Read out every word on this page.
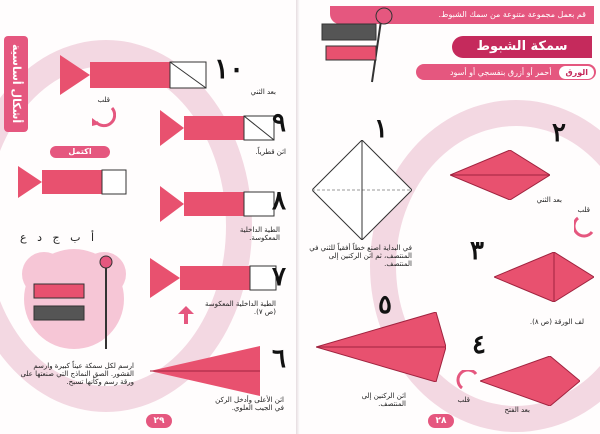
أشكال أساسية	١٠
بعد الثني
قلب
٩
اثن قطرياً.
اكتمل
٨
الطية الداخلية المعكوسة.
أ   ب   ج   د   ع
٧
الطية الداخلية المعكوسة (ص ٧).
٦
اثن الأعلى وأدخل الركن في الجيب العلوي.
ارسم لكل سمكة عيناً كبيرة وارسم القشور. الصق النماذج التي صنعتها على ورقة رسم وكأنها تسبح.
٢٩
قم بعمل مجموعة متنوعة من سمك الشبوط.
سمكة الشبوط
الورق
أحمر أو أزرق بنفسجي أو أسود
١
في البداية اصنع خطاً أفقياً للثني في المنتصف، ثم اثن الركنين إلى المنتصف.
٢
بعد الثني
قلب
٣
لف الورقة (ص ٨).
٥
اثن الركنين إلى المنتصف.
٤
بعد الفتح
قلب
٢٨
